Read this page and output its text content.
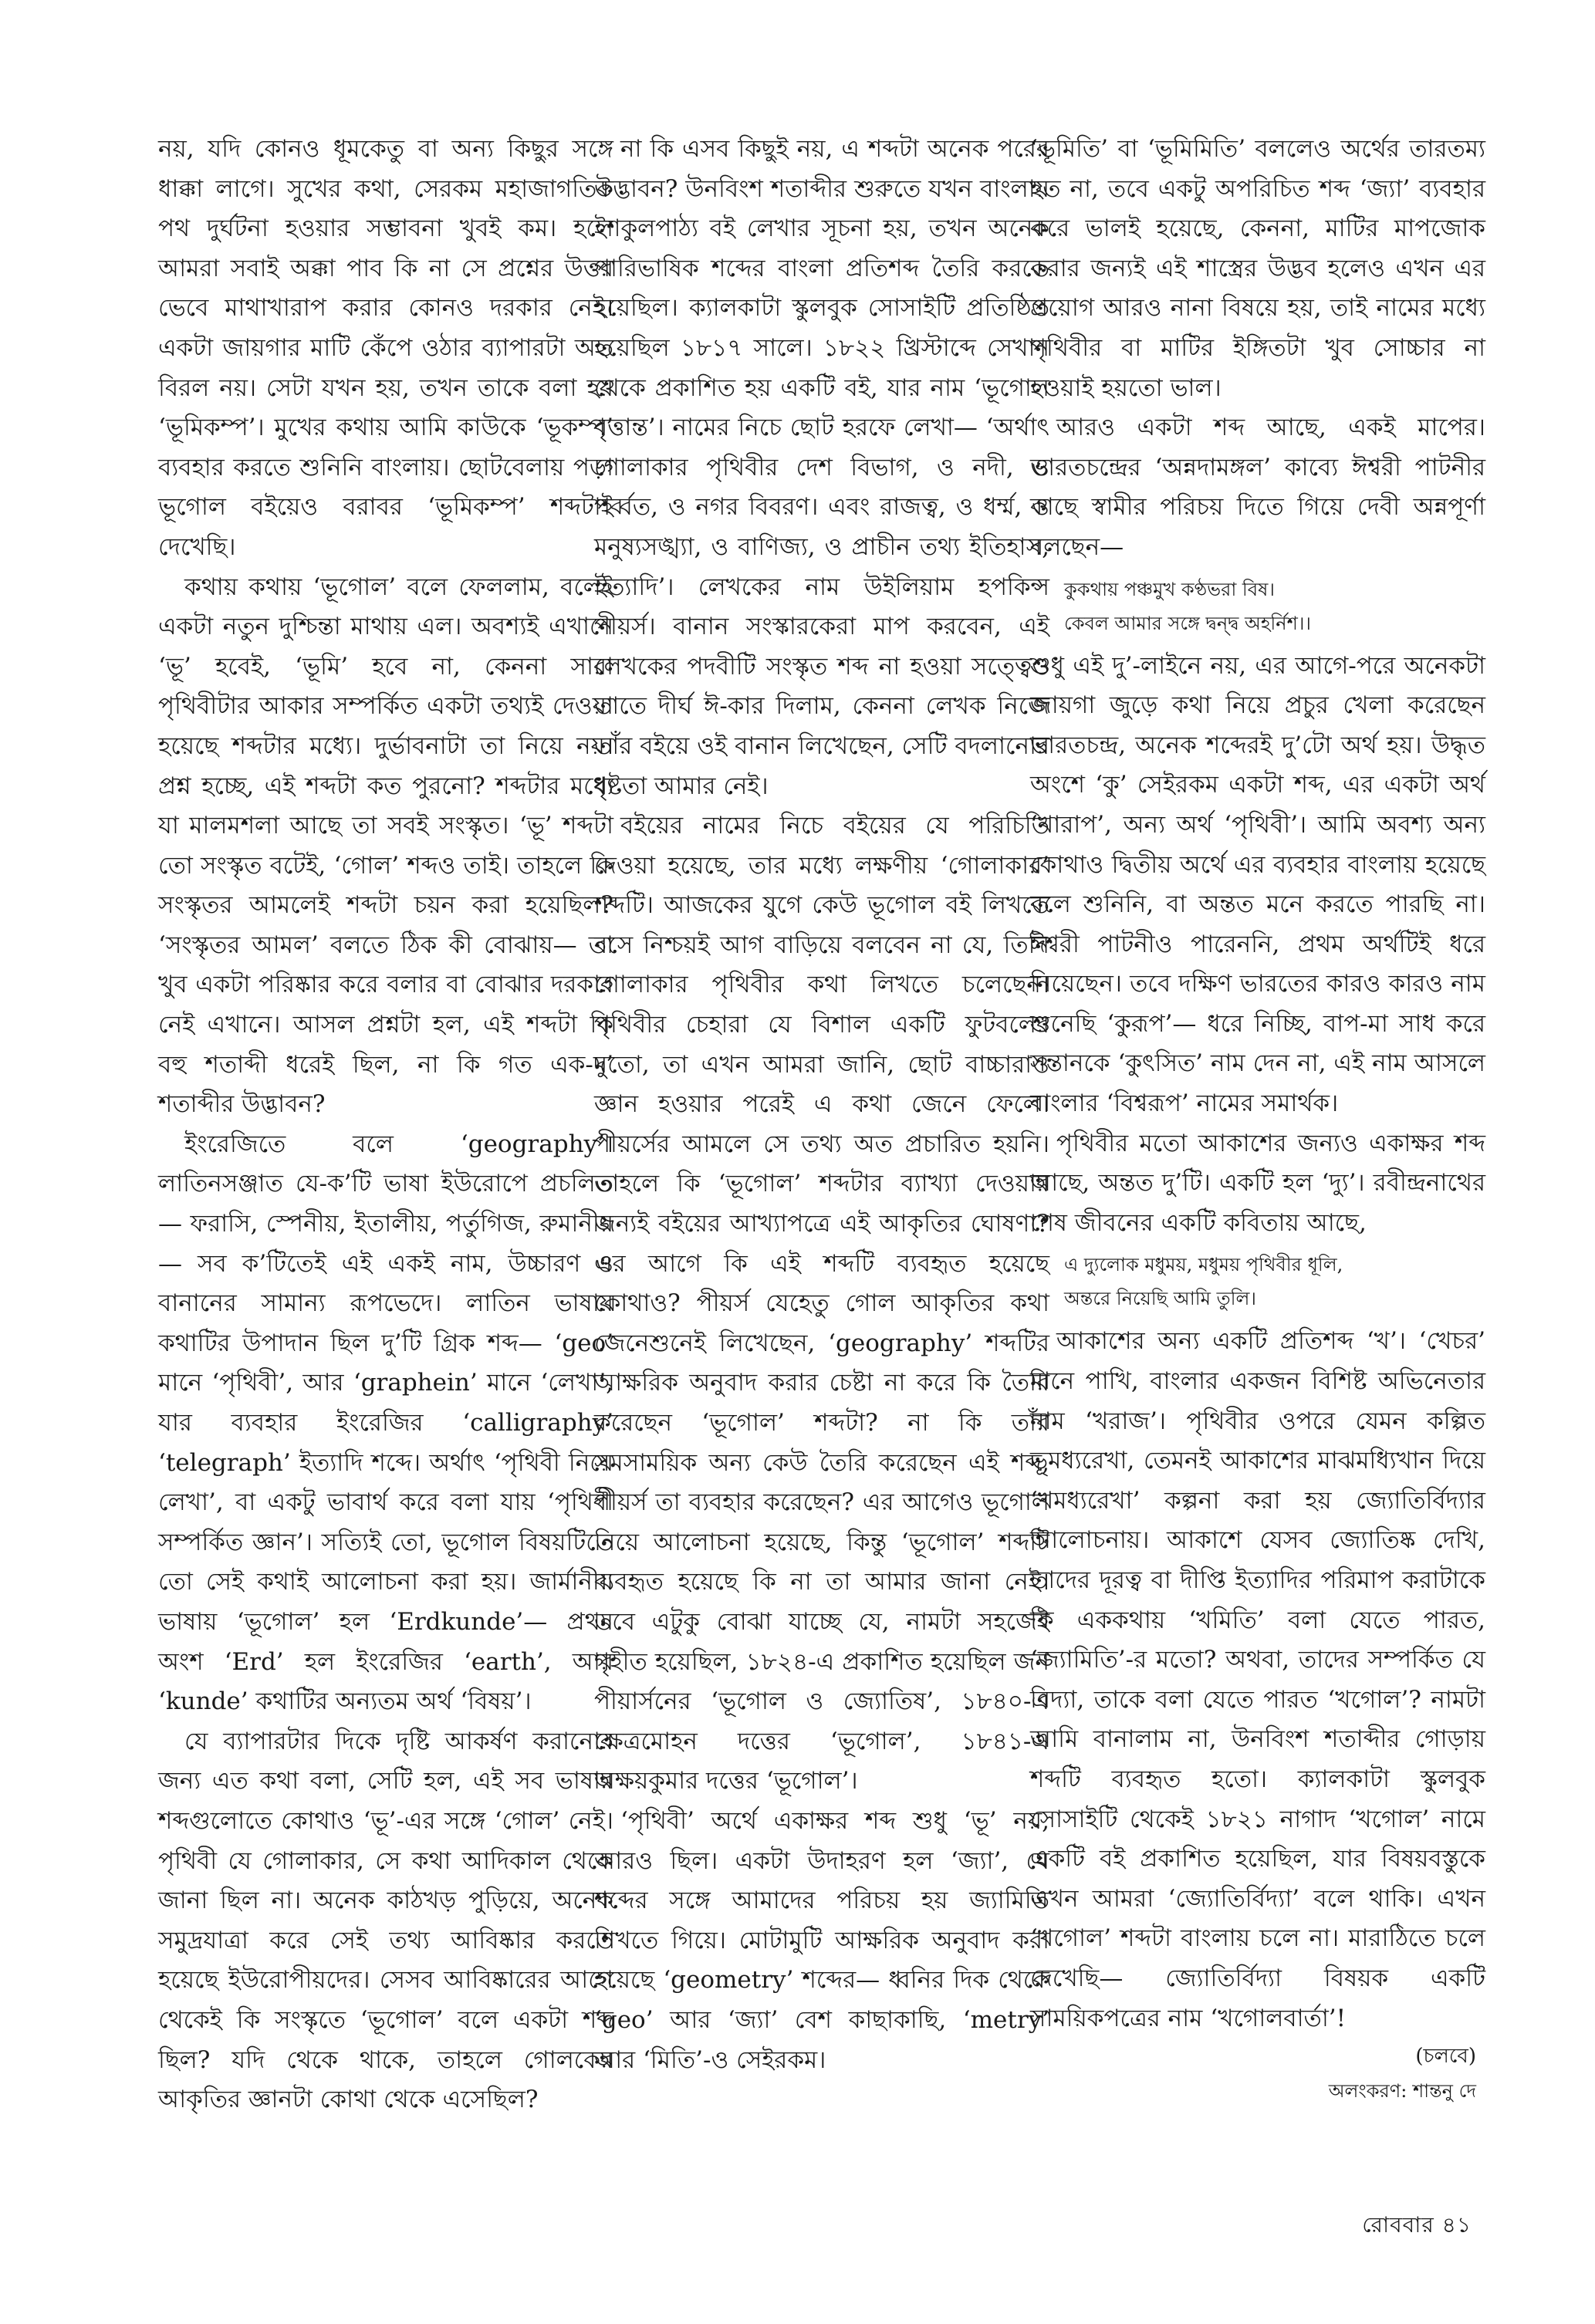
নয়, যদি কোনও ধূমকেতু বা অন্য কিছুর সঙ্গে ধাক্কা লাগে। সুখের কথা, সেরকম মহাজাগতিক পথ দুর্ঘটনা হওয়ার সম্ভাবনা খুবই কম। হলে আমরা সবাই অক্কা পাব কি না সে প্রশ্নের উত্তর ভেবে মাথাখারাপ করার কোনও দরকার নেই। একটা জায়গার মাটি কেঁপে ওঠার ব্যাপারটা অত বিরল নয়। সেটা যখন হয়, তখন তাকে বলা হয় ‘ভূমিকম্প’। মুখের কথায় আমি কাউকে ‘ভূকম্প’ ব্যবহার করতে শুনিনি বাংলায়। ছোটবেলায় পড়া ভূগোল বইয়েও বরাবর ‘ভূমিকম্প’ শব্দটাই দেখেছি।

কথায় কথায় ‘ভূগোল’ বলে ফেললাম, বলেই একটা নতুন দুশ্চিন্তা মাথায় এল। অবশ্যই এখানে ‘ভূ’ হবেই, ‘ভূমি’ হবে না, কেননা সারা পৃথিবীটার আকার সম্পর্কিত একটা তথ্যই দেওয়া হয়েছে শব্দটার মধ্যে। দুর্ভাবনাটা তা নিয়ে নয়। প্রশ্ন হচ্ছে, এই শব্দটা কত পুরনো? শব্দটার মধ্যে যা মালমশলা আছে তা সবই সংস্কৃত। ‘ভূ’ শব্দটা তো সংস্কৃত বটেই, ‘গোল’ শব্দও তাই। তাহলে কি সংস্কৃতর আমলেই শব্দটা চয়ন করা হয়েছিল? ‘সংস্কৃতর আমল’ বলতে ঠিক কী বোঝায়— তা খুব একটা পরিষ্কার করে বলার বা বোঝার দরকার নেই এখানে। আসল প্রশ্নটা হল, এই শব্দটা কি বহু শতাব্দী ধরেই ছিল, না কি গত এক-দু’ শতাব্দীর উদ্ভাবন?

ইংরেজিতে বলে ‘geography’। লাতিনসঞ্জাত যে-ক’টি ভাষা ইউরোপে প্রচলিত— ফরাসি, স্পেনীয়, ইতালীয়, পর্তুগিজ, রুমানীয়— সব ক’টিতেই এই একই নাম, উচ্চারণ ও বানানের সামান্য রূপভেদে। লাতিন ভাষায় কথাটির উপাদান ছিল দু’টি গ্রিক শব্দ— ‘geo’ মানে ‘পৃথিবী’, আর ‘graphein’ মানে ‘লেখা’, যার ব্যবহার ইংরেজির ‘calligraphy’ ‘telegraph’ ইত্যাদি শব্দে। অর্থাৎ ‘পৃথিবী নিয়ে লেখা’, বা একটু ভাবার্থ করে বলা যায় ‘পৃথিবী সম্পর্কিত জ্ঞান’। সত্যিই তো, ভূগোল বিষয়টিতে তো সেই কথাই আলোচনা করা হয়। জার্মানীয় ভাষায় ‘ভূগোল’ হল ‘Erdkunde’— প্রথম অংশ ‘Erd’ হল ইংরেজির ‘earth’, আর ‘kunde’ কথাটির অন্যতম অর্থ ‘বিষয়’।

যে ব্যাপারটার দিকে দৃষ্টি আকর্ষণ করানোর জন্য এত কথা বলা, সেটি হল, এই সব ভাষার শব্দগুলোতে কোথাও ‘ভূ’-এর সঙ্গে ‘গোল’ নেই। পৃথিবী যে গোলাকার, সে কথা আদিকাল থেকে জানা ছিল না। অনেক কাঠখড় পুড়িয়ে, অনেক সমুদ্রযাত্রা করে সেই তথ্য আবিষ্কার করতে হয়েছে ইউরোপীয়দের। সেসব আবিষ্কারের আগে থেকেই কি সংস্কৃতে ‘ভূগোল’ বলে একটা শব্দ ছিল? যদি থেকে থাকে, তাহলে গোলকের আকৃতির জ্ঞানটা কোথা থেকে এসেছিল?

না কি এসব কিছুই নয়, এ শব্দটা অনেক পরের উদ্ভাবন? উনবিংশ শতাব্দীর শুরুতে যখন বাংলায় ইশকুলপাঠ্য বই লেখার সূচনা হয়, তখন অনেক পারিভাষিক শব্দের বাংলা প্রতিশব্দ তৈরি করতে হয়েছিল। ক্যালকাটা স্কুলবুক সোসাইটি প্রতিষ্ঠিত হয়েছিল ১৮১৭ সালে। ১৮২২ খ্রিস্টাব্দে সেখান থেকে প্রকাশিত হয় একটি বই, যার নাম ‘ভূগোল বৃত্তান্ত’। নামের নিচে ছোট হরফে লেখা— ‘অর্থাৎ গোলাকার পৃথিবীর দেশ বিভাগ, ও নদী, ও পর্ব্বত, ও নগর বিবরণ। এবং রাজত্ব, ও ধর্ম্ম, ও মনুষ্যসঙ্খ্যা, ও বাণিজ্য, ও প্রাচীন তথ্য ইতিহাস, ইত্যাদি’। লেখকের নাম উইলিয়াম হপকিন্স পীয়র্স। বানান সংস্কারকেরা মাপ করবেন, এই লেখকের পদবীটি সংস্কৃত শব্দ না হওয়া সত্ত্বেও তাতে দীর্ঘ ঈ-কার দিলাম, কেননা লেখক নিজে তাঁর বইয়ে ওই বানান লিখেছেন, সেটি বদলানোর ধৃষ্টতা আমার নেই।

বইয়ের নামের নিচে বইয়ের যে পরিচিতি দেওয়া হয়েছে, তার মধ্যে লক্ষণীয় ‘গোলাকার’ শব্দটি। আজকের যুগে কেউ ভূগোল বই লিখতে বসে নিশ্চয়ই আগ বাড়িয়ে বলবেন না যে, তিনি গোলাকার পৃথিবীর কথা লিখতে চলেছেন। পৃথিবীর চেহারা যে বিশাল একটি ফুটবলের মতো, তা এখন আমরা জানি, ছোট বাচ্চারাও জ্ঞান হওয়ার পরেই এ কথা জেনে ফেলে। পীয়র্সের আমলে সে তথ্য অত প্রচারিত হয়নি। তাহলে কি ‘ভূগোল’ শব্দটার ব্যাখ্যা দেওয়ার জন্যই বইয়ের আখ্যাপত্রে এই আকৃতির ঘোষণা? এর আগে কি এই শব্দটি ব্যবহৃত হয়েছে কোথাও? পীয়র্স যেহেতু গোল আকৃতির কথা জেনেশুনেই লিখেছেন, ‘geography’ শব্দটির আক্ষরিক অনুবাদ করার চেষ্টা না করে কি তৈরি করেছেন ‘ভূগোল’ শব্দটা? না কি তাঁর সমসাময়িক অন্য কেউ তৈরি করেছেন এই শব্দ, পীয়র্স তা ব্যবহার করেছেন? এর আগেও ভূগোল নিয়ে আলোচনা হয়েছে, কিন্তু ‘ভূগোল’ শব্দটি ব্যবহৃত হয়েছে কি না তা আমার জানা নেই। তবে এটুকু বোঝা যাচ্ছে যে, নামটা সহজেই গৃহীত হয়েছিল, ১৮২৪-এ প্রকাশিত হয়েছিল জন পীয়ার্সনের ‘ভূগোল ও জ্যোতিষ’, ১৮৪০-এ ক্ষেত্রমোহন দত্তের ‘ভূগোল’, ১৮৪১-এ অক্ষয়কুমার দত্তের ‘ভূগোল’।

‘পৃথিবী’ অর্থে একাক্ষর শব্দ শুধু ‘ভূ’ নয়, আরও ছিল। একটা উদাহরণ হল ‘জ্যা’, যে শব্দের সঙ্গে আমাদের পরিচয় হয় জ্যামিতি শিখতে গিয়ে। মোটামুটি আক্ষরিক অনুবাদ করা হয়েছে ‘geometry’ শব্দের— ধ্বনির দিক থেকে ‘geo’ আর ‘জ্যা’ বেশ কাছাকাছি, ‘metry’ আর ‘মিতি’-ও সেইরকম।

‘ভূমিতি’ বা ‘ভূমিমিতি’ বললেও অর্থের তারতম্য হত না, তবে একটু অপরিচিত শব্দ ‘জ্যা’ ব্যবহার করে ভালই হয়েছে, কেননা, মাটির মাপজোক করার জন্যই এই শাস্ত্রের উদ্ভব হলেও এখন এর প্রয়োগ আরও নানা বিষয়ে হয়, তাই নামের মধ্যে পৃথিবীর বা মাটির ইঙ্গিতটা খুব সোচ্চার না হওয়াই হয়তো ভাল।

আরও একটা শব্দ আছে, একই মাপের। ভারতচন্দ্রের ‘অন্নদামঙ্গল’ কাব্যে ঈশ্বরী পাটনীর কাছে স্বামীর পরিচয় দিতে গিয়ে দেবী অন্নপূর্ণা বলছেন—

কুকথায় পঞ্চমুখ কণ্ঠভরা বিষ।

কেবল আমার সঙ্গে দ্বন্দ্ব অহর্নিশ।।

শুধু এই দু’-লাইনে নয়, এর আগে-পরে অনেকটা জায়গা জুড়ে কথা নিয়ে প্রচুর খেলা করেছেন ভারতচন্দ্র, অনেক শব্দেরই দু’টো অর্থ হয়। উদ্ধৃত অংশে ‘কু’ সেইরকম একটা শব্দ, এর একটা অর্থ ‘খারাপ’, অন্য অর্থ ‘পৃথিবী’। আমি অবশ্য অন্য কোথাও দ্বিতীয় অর্থে এর ব্যবহার বাংলায় হয়েছে বলে শুনিনি, বা অন্তত মনে করতে পারছি না। ঈশ্বরী পাটনীও পারেননি, প্রথম অর্থটিই ধরে নিয়েছেন। তবে দক্ষিণ ভারতের কারও কারও নাম শুনেছি ‘কুরূপ’— ধরে নিচ্ছি, বাপ-মা সাধ করে সন্তানকে ‘কুৎসিত’ নাম দেন না, এই নাম আসলে বাংলার ‘বিশ্বরূপ’ নামের সমার্থক।

পৃথিবীর মতো আকাশের জন্যও একাক্ষর শব্দ আছে, অন্তত দু’টি। একটি হল ‘দ্যু’। রবীন্দ্রনাথের শেষ জীবনের একটি কবিতায় আছে,

এ দ্যুলোক মধুময়, মধুময় পৃথিবীর ধূলি,

অন্তরে নিয়েছি আমি তুলি।

আকাশের অন্য একটি প্রতিশব্দ ‘খ’। ‘খেচর’ মানে পাখি, বাংলার একজন বিশিষ্ট অভিনেতার নাম ‘খরাজ’। পৃথিবীর ওপরে যেমন কল্পিত ভূমধ্যরেখা, তেমনই আকাশের মাঝমধ্যিখান দিয়ে ‘খমধ্যরেখা’ কল্পনা করা হয় জ্যোতির্বিদ্যার আলোচনায়। আকাশে যেসব জ্যোতিষ্ক দেখি, তাদের দূরত্ব বা দীপ্তি ইত্যাদির পরিমাপ করাটাকে কি এককথায় ‘খমিতি’ বলা যেতে পারত, ‘জ্যামিতি’-র মতো? অথবা, তাদের সম্পর্কিত যে বিদ্যা, তাকে বলা যেতে পারত ‘খগোল’? নামটা আমি বানালাম না, উনবিংশ শতাব্দীর গোড়ায় শব্দটি ব্যবহৃত হতো। ক্যালকাটা স্কুলবুক সোসাইটি থেকেই ১৮২১ নাগাদ ‘খগোল’ নামে একটি বই প্রকাশিত হয়েছিল, যার বিষয়বস্তুকে এখন আমরা ‘জ্যোতির্বিদ্যা’ বলে থাকি। এখন ‘খগোল’ শব্দটা বাংলায় চলে না। মারাঠিতে চলে দেখেছি— জ্যোতির্বিদ্যা বিষয়ক একটি সাময়িকপত্রের নাম ‘খগোলবার্তা’!

(চলবে)

অলংকরণ: শান্তনু দে

রোববার ৪১
